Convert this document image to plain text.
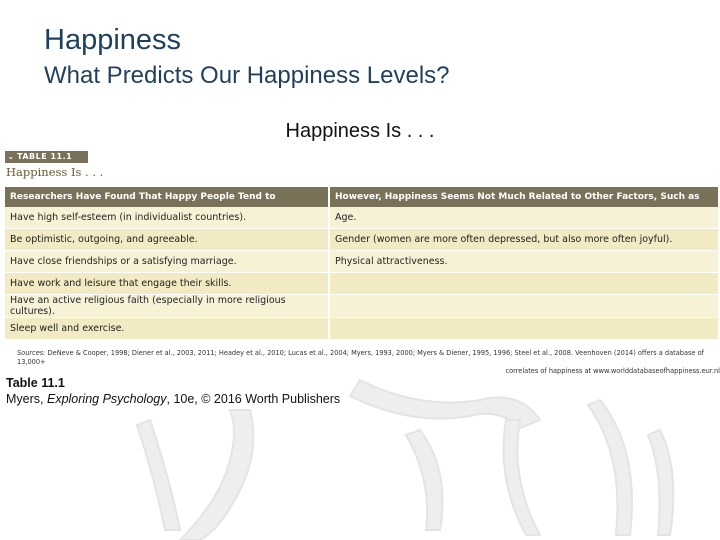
Happiness
What Predicts Our Happiness Levels?
Happiness Is . . .
⌄ TABLE 11.1
Happiness Is . . .
Researchers Have Found That Happy People Tend to	However, Happiness Seems Not Much Related to Other Factors, Such as
Have high self-esteem (in individualist countries).	Age.
Be optimistic, outgoing, and agreeable.	Gender (women are more often depressed, but also more often joyful).
Have close friendships or a satisfying marriage.	Physical attractiveness.
Have work and leisure that engage their skills.	
Have an active religious faith (especially in more religious cultures).	
Sleep well and exercise.	
Sources: DeNeve & Cooper, 1998; Diener et al., 2003, 2011; Headey et al., 2010; Lucas et al., 2004; Myers, 1993, 2000; Myers & Diener, 1995, 1996; Steel et al., 2008. Veenhoven (2014) offers a database of 13,000+
correlates of happiness at www.worlddatabaseofhappiness.eur.nl
Table 11.1
Myers, Exploring Psychology, 10e, © 2016 Worth Publishers
